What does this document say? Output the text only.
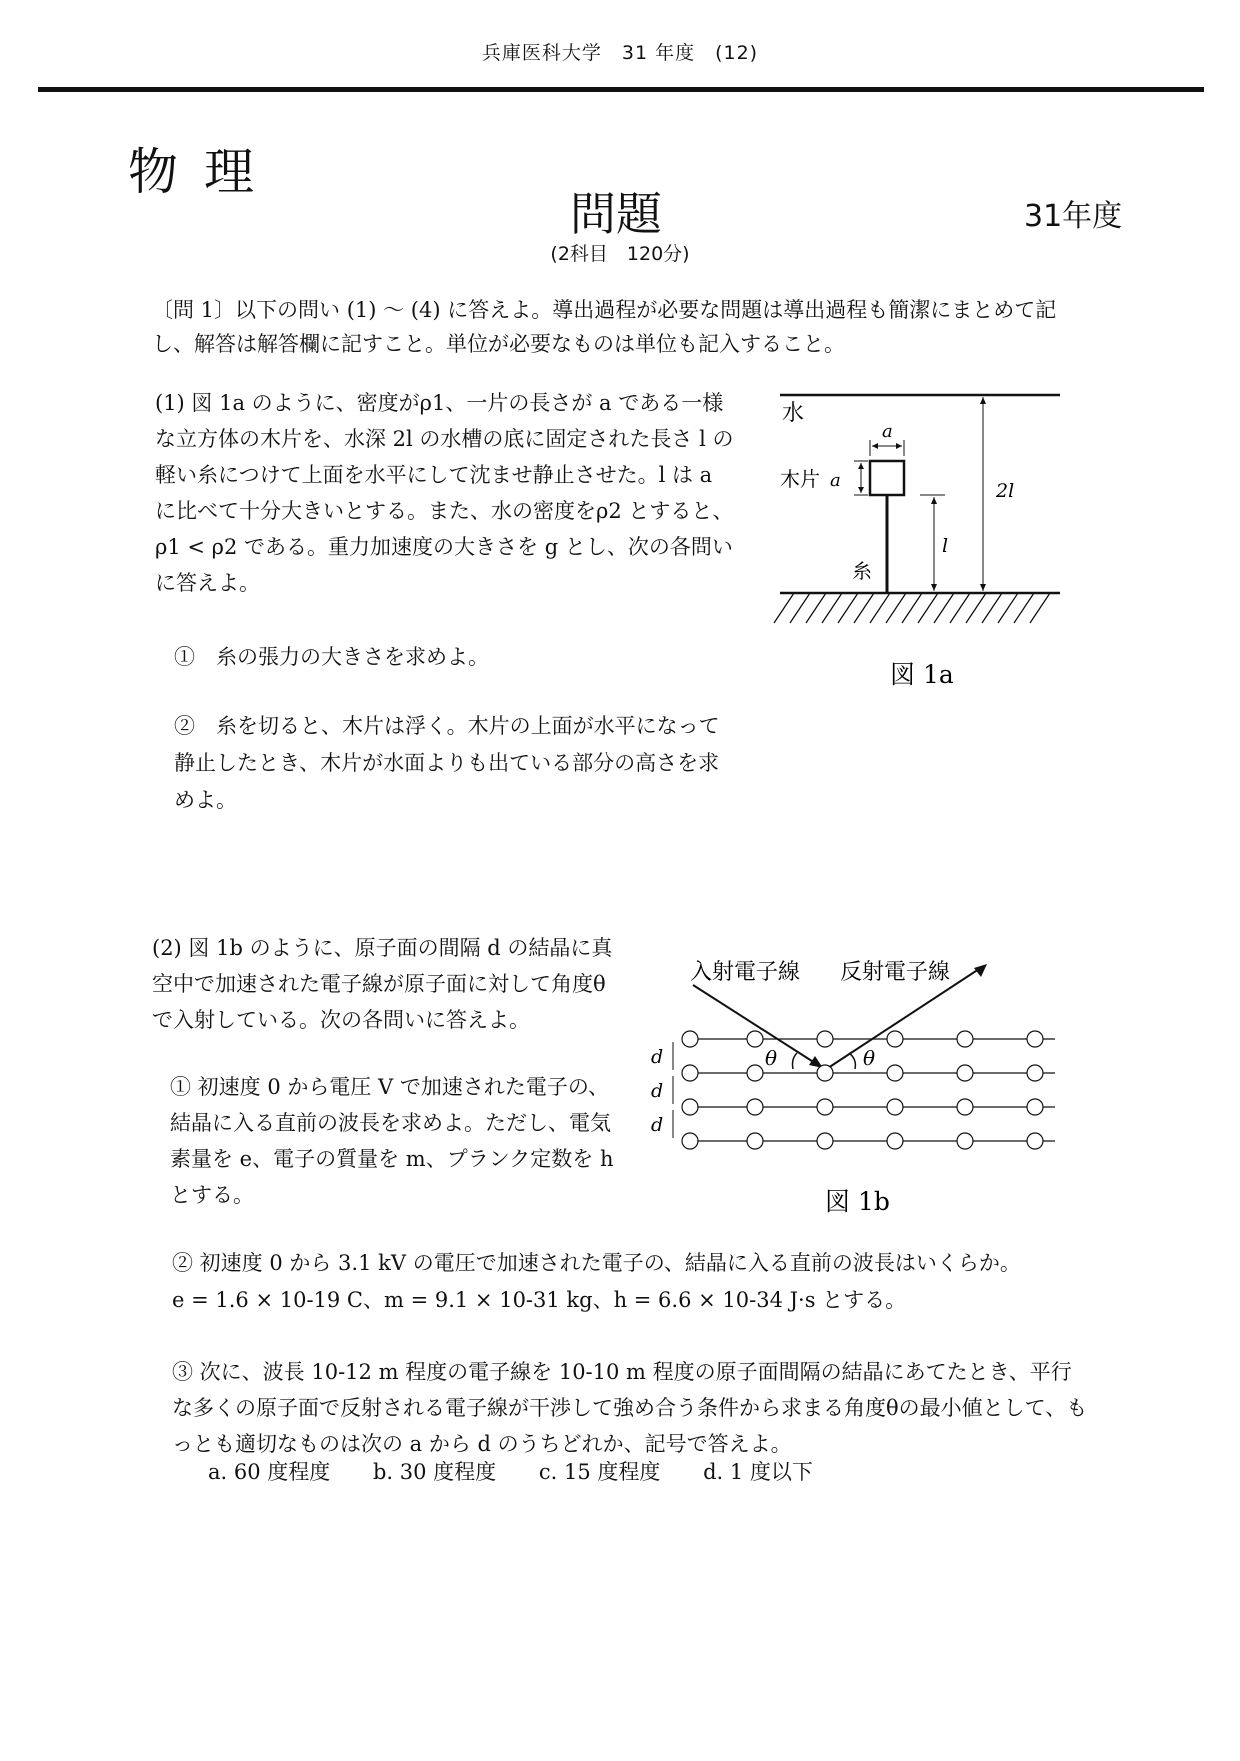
兵庫医科大学　31 年度　(12)
物理
問題	31年度
(2科目　120分)
〔問 1〕以下の問い (1) 〜 (4) に答えよ。導出過程が必要な問題は導出過程も簡潔にまとめて記し、解答は解答欄に記すこと。単位が必要なものは単位も記入すること。
(1) 図 1a のように、密度がρ1、一片の長さが a である一様な立方体の木片を、水深 2l の水槽の底に固定された長さ l の軽い糸につけて上面を水平にして沈ませ静止させた。l は a に比べて十分大きいとする。また、水の密度をρ2 とすると、ρ1 < ρ2 である。重力加速度の大きさを g とし、次の各問いに答えよ。
①　糸の張力の大きさを求めよ。
②　糸を切ると、木片は浮く。木片の上面が水平になって静止したとき、木片が水面よりも出ている部分の高さを求めよ。
水
a
木片 a
糸
l
2l
図 1a
(2) 図 1b のように、原子面の間隔 d の結晶に真空中で加速された電子線が原子面に対して角度θで入射している。次の各問いに答えよ。
① 初速度 0 から電圧 V で加速された電子の、結晶に入る直前の波長を求めよ。ただし、電気素量を e、電子の質量を m、プランク定数を h とする。
入射電子線 反射電子線
θ	θ
d
d
d
図 1b
② 初速度 0 から 3.1 kV の電圧で加速された電子の、結晶に入る直前の波長はいくらか。
e = 1.6 × 10-19 C、m = 9.1 × 10-31 kg、h = 6.6 × 10-34 J·s とする。
③ 次に、波長 10-12 m 程度の電子線を 10-10 m 程度の原子面間隔の結晶にあてたとき、平行な多くの原子面で反射される電子線が干渉して強め合う条件から求まる角度θの最小値として、もっとも適切なものは次の a から d のうちどれか、記号で答えよ。
a. 60 度程度 b. 30 度程度 c. 15 度程度 d. 1 度以下
